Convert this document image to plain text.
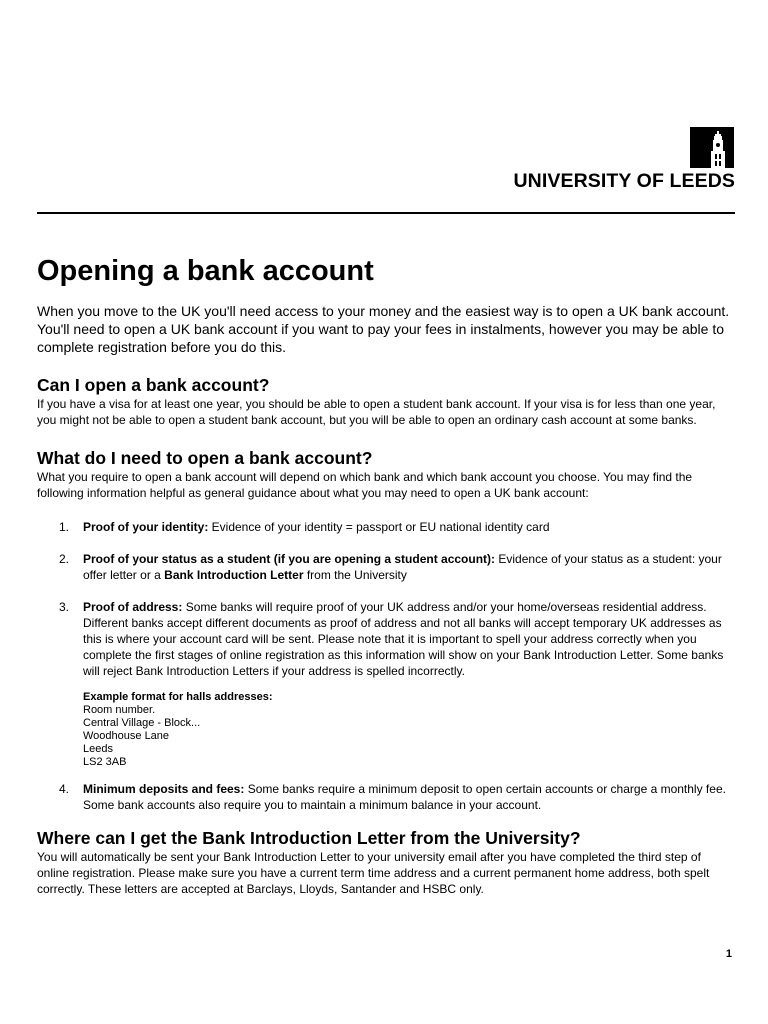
UNIVERSITY OF LEEDS
Opening a bank account

When you move to the UK you'll need access to your money and the easiest way is to open a UK bank account. You'll need to open a UK bank account if you want to pay your fees in instalments, however you may be able to complete registration before you do this.

Can I open a bank account?

If you have a visa for at least one year, you should be able to open a student bank account. If your visa is for less than one year, you might not be able to open a student bank account, but you will be able to open an ordinary cash account at some banks.

What do I need to open a bank account?

What you require to open a bank account will depend on which bank and which bank account you choose. You may find the following information helpful as general guidance about what you may need to open a UK bank account:

1. Proof of your identity: Evidence of your identity = passport or EU national identity card
2. Proof of your status as a student (if you are opening a student account): Evidence of your status as a student: your offer letter or a Bank Introduction Letter from the University
3. Proof of address: Some banks will require proof of your UK address and/or your home/overseas residential address. Different banks accept different documents as proof of address and not all banks will accept temporary UK addresses as this is where your account card will be sent. Please note that it is important to spell your address correctly when you complete the first stages of online registration as this information will show on your Bank Introduction Letter. Some banks will reject Bank Introduction Letters if your address is spelled incorrectly.
Example format for halls addresses:
Room number.
Central Village - Block...
Woodhouse Lane
Leeds
LS2 3AB
4. Minimum deposits and fees: Some banks require a minimum deposit to open certain accounts or charge a monthly fee. Some bank accounts also require you to maintain a minimum balance in your account.
Where can I get the Bank Introduction Letter from the University?

You will automatically be sent your Bank Introduction Letter to your university email after you have completed the third step of online registration. Please make sure you have a current term time address and a current permanent home address, both spelt correctly. These letters are accepted at Barclays, Lloyds, Santander and HSBC only.

1
